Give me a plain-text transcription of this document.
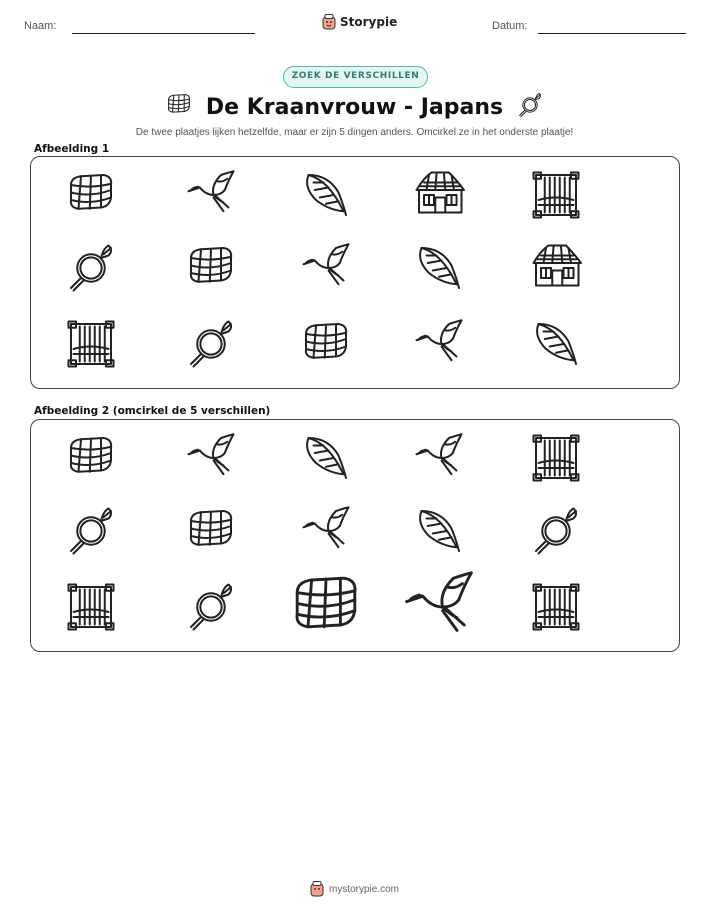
Naam:	Storypie	Datum:
ZOEK DE VERSCHILLEN
De Kraanvrouw - Japans
De twee plaatjes lijken hetzelfde, maar er zijn 5 dingen anders. Omcirkel ze in het onderste plaatje!
Afbeelding 1
Afbeelding 2 (omcirkel de 5 verschillen)
mystorypie.com
